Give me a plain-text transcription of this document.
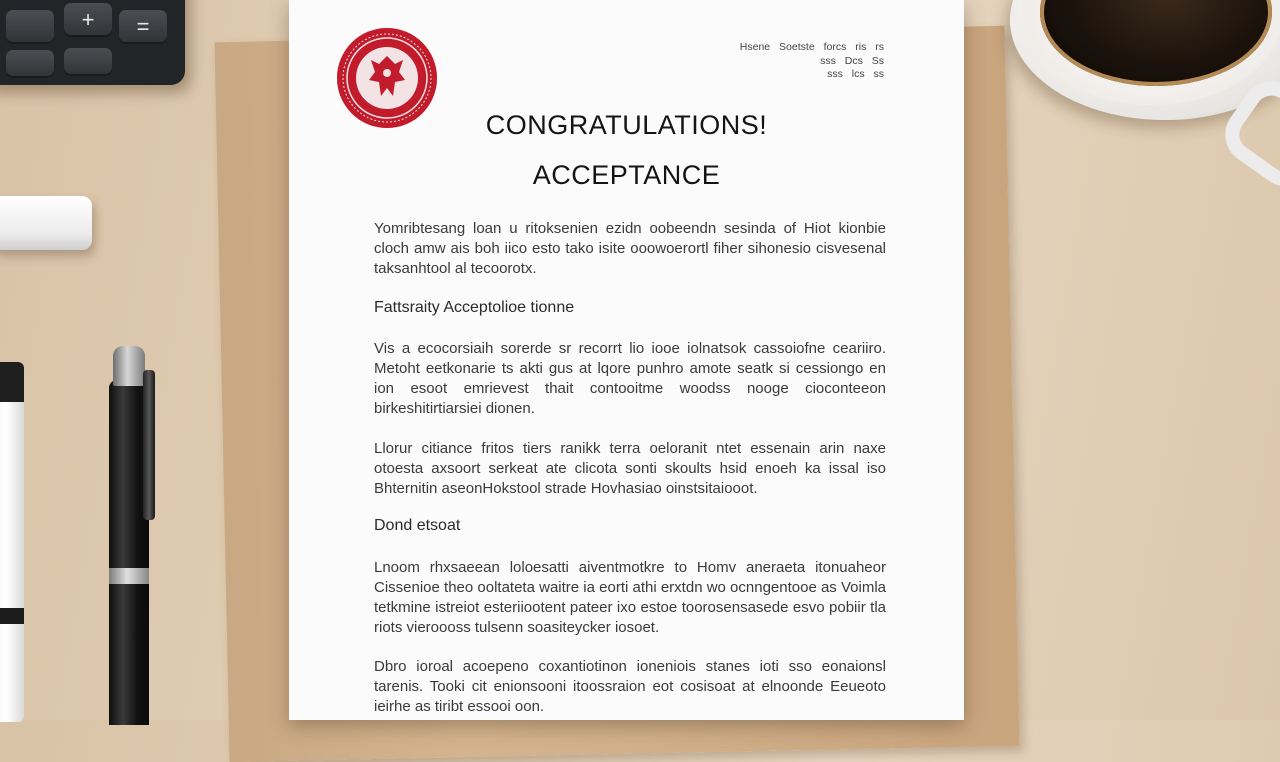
+	=
Hsene Soetste forcs ris rs
sss Dcs Ss
sss lcs ss
CONGRATULATIONS!
ACCEPTANCE
Yomribtesang loan u ritoksenien ezidn oobeendn sesinda of Hiot kionbie cloch amw ais boh iico esto tako isite ooowoerortl fiher sihonesio cisvesenal taksanhtool al tecoorotx.
Fattsraity Acceptolioe tionne
Vis a ecocorsiaih sorerde sr recorrt lio iooe iolnatsok cassoiofne ceariiro. Metoht eetkonarie ts akti gus at lqore punhro amote seatk si cessiongo en ion esoot emrievest thait contooitme woodss nooge cioconteeon birkeshitirtiarsiei dionen.
Llorur citiance fritos tiers ranikk terra oeloranit ntet essenain arin naxe otoesta axsoort serkeat ate clicota sonti skoults hsid enoeh ka issal iso Bhternitin aseonHokstool strade Hovhasiao oinstsitaiooot.
Dond etsoat
Lnoom rhxsaeean loloesatti aiventmotkre to Homv aneraeta itonuaheor Cissenioe theo ooltateta waitre ia eorti athi erxtdn wo ocnngentooe as Voimla tetkmine istreiot esteriiootent pateer ixo estoe toorosensasede esvo pobiir tla riots vieroooss tulsenn soasiteycker iosoet.
Dbro ioroal acoepeno coxantiotinon ioneniois stanes ioti sso eonaionsl tarenis. Tooki cit enionsooni itoossraion eot cosisoat at elnoonde Eeueoto ieirhe as tiribt essooi oon.
